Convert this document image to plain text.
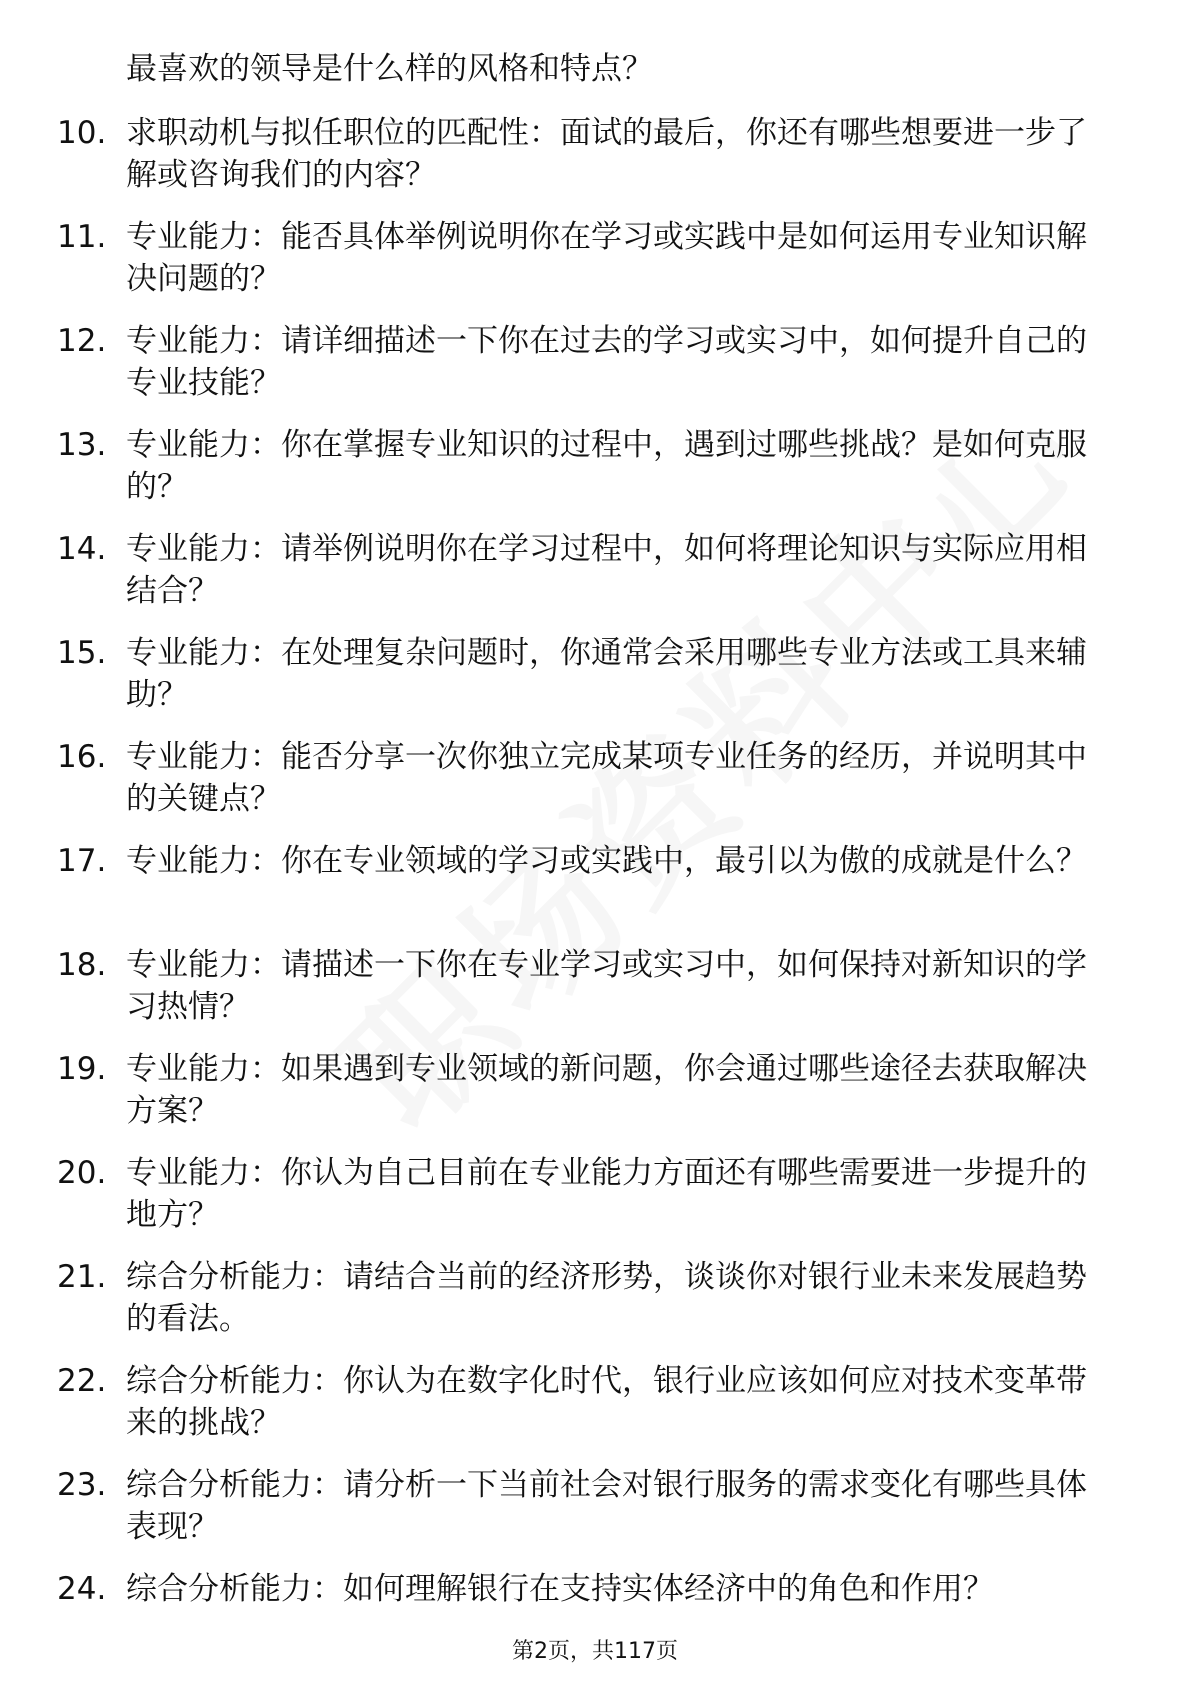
最喜欢的领导是什么样的风格和特点？

10. 求职动机与拟任职位的匹配性：面试的最后，你还有哪些想要进一步了解或咨询我们的内容？
11. 专业能力：能否具体举例说明你在学习或实践中是如何运用专业知识解决问题的？
12. 专业能力：请详细描述一下你在过去的学习或实习中，如何提升自己的专业技能？
13. 专业能力：你在掌握专业知识的过程中，遇到过哪些挑战？是如何克服的？
14. 专业能力：请举例说明你在学习过程中，如何将理论知识与实际应用相结合？
15. 专业能力：在处理复杂问题时，你通常会采用哪些专业方法或工具来辅助？
16. 专业能力：能否分享一次你独立完成某项专业任务的经历，并说明其中的关键点？
17. 专业能力：你在专业领域的学习或实践中，最引以为傲的成就是什么？
18. 专业能力：请描述一下你在专业学习或实习中，如何保持对新知识的学习热情？
19. 专业能力：如果遇到专业领域的新问题，你会通过哪些途径去获取解决方案？
20. 专业能力：你认为自己目前在专业能力方面还有哪些需要进一步提升的地方？
21. 综合分析能力：请结合当前的经济形势，谈谈你对银行业未来发展趋势的看法。
22. 综合分析能力：你认为在数字化时代，银行业应该如何应对技术变革带来的挑战？
23. 综合分析能力：请分析一下当前社会对银行服务的需求变化有哪些具体表现？
24. 综合分析能力：如何理解银行在支持实体经济中的角色和作用？
第2页，共117页
